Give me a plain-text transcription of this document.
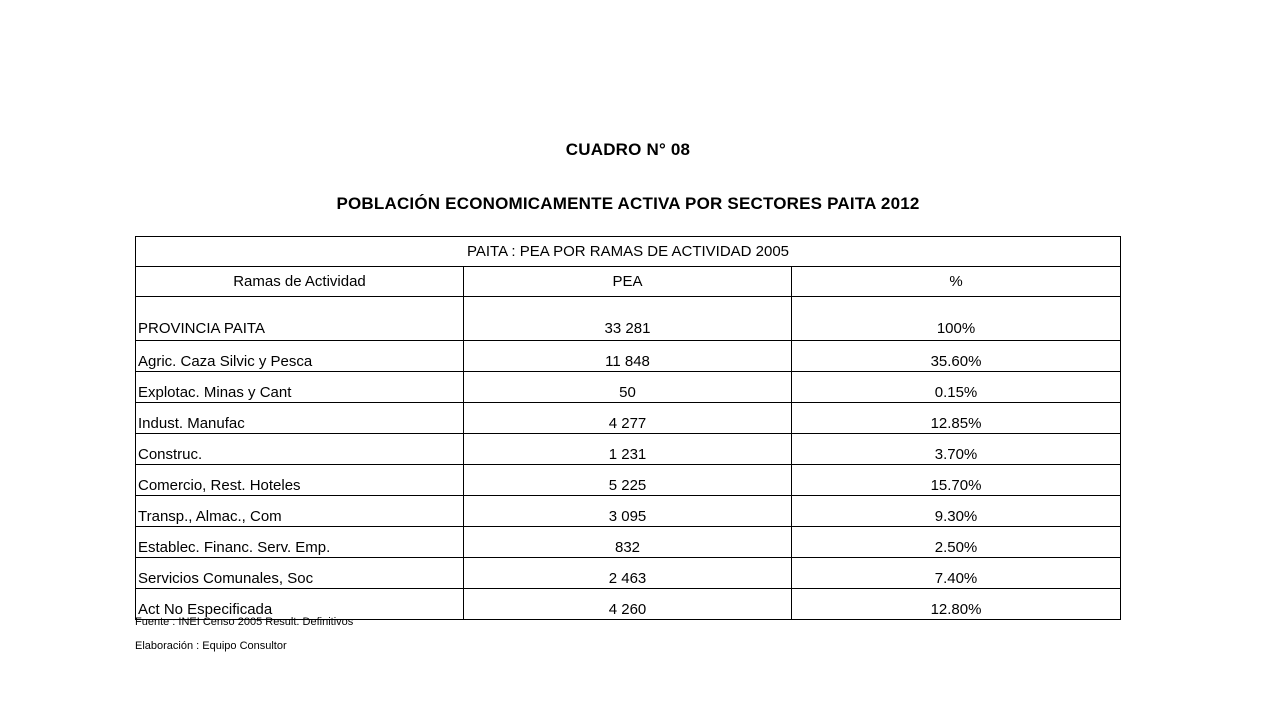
CUADRO N° 08
POBLACIÓN ECONOMICAMENTE ACTIVA POR SECTORES PAITA 2012
PAITA : PEA POR RAMAS DE ACTIVIDAD 2005		
Ramas de Actividad	PEA	%
PROVINCIA PAITA	33 281	100%
Agric. Caza Silvic y Pesca	11 848	35.60%
Explotac. Minas y Cant	50	0.15%
Indust. Manufac	4 277	12.85%
Construc.	1 231	3.70%
Comercio, Rest. Hoteles	5 225	15.70%
Transp., Almac., Com	3 095	9.30%
Establec. Financ. Serv. Emp.	832	2.50%
Servicios Comunales, Soc	2 463	7.40%
Act No Especificada	4 260	12.80%
Fuente : INEI Censo 2005 Result. Definitivos
Elaboración : Equipo Consultor
